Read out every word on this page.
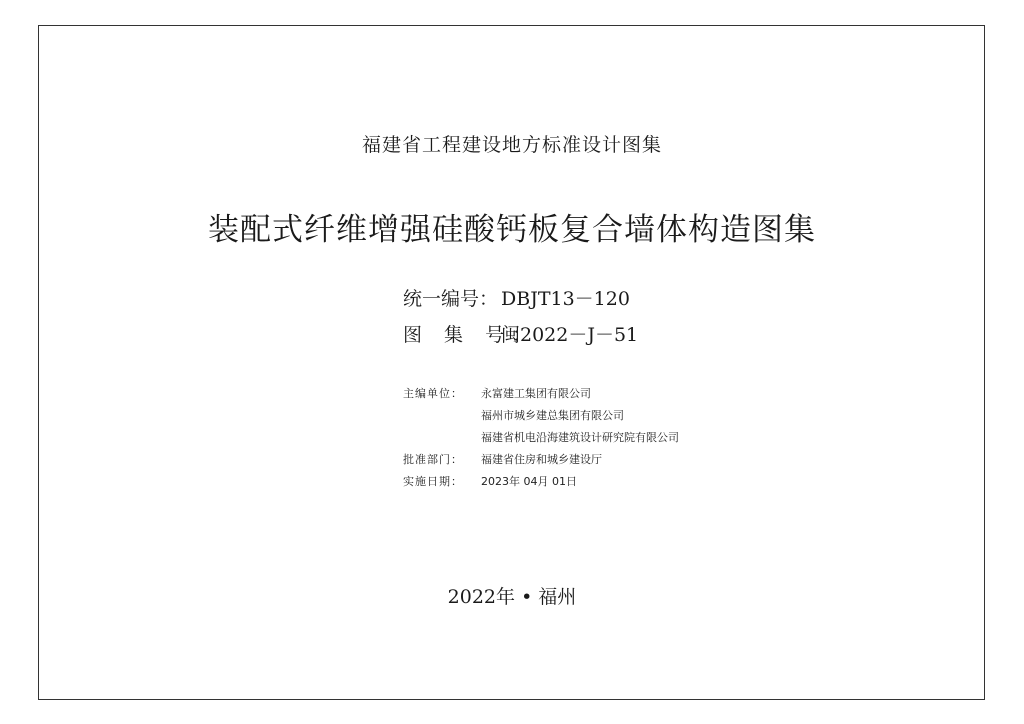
福建省工程建设地方标准设计图集
装配式纤维增强硅酸钙板复合墙体构造图集
统一编号： DBJT13－120
图 集 号：闽2022－J－51
主编单位： 永富建工集团有限公司
福州市城乡建总集团有限公司
福建省机电沿海建筑设计研究院有限公司
批准部门： 福建省住房和城乡建设厅
实施日期： 2023年 04月 01日
2022年 • 福州
